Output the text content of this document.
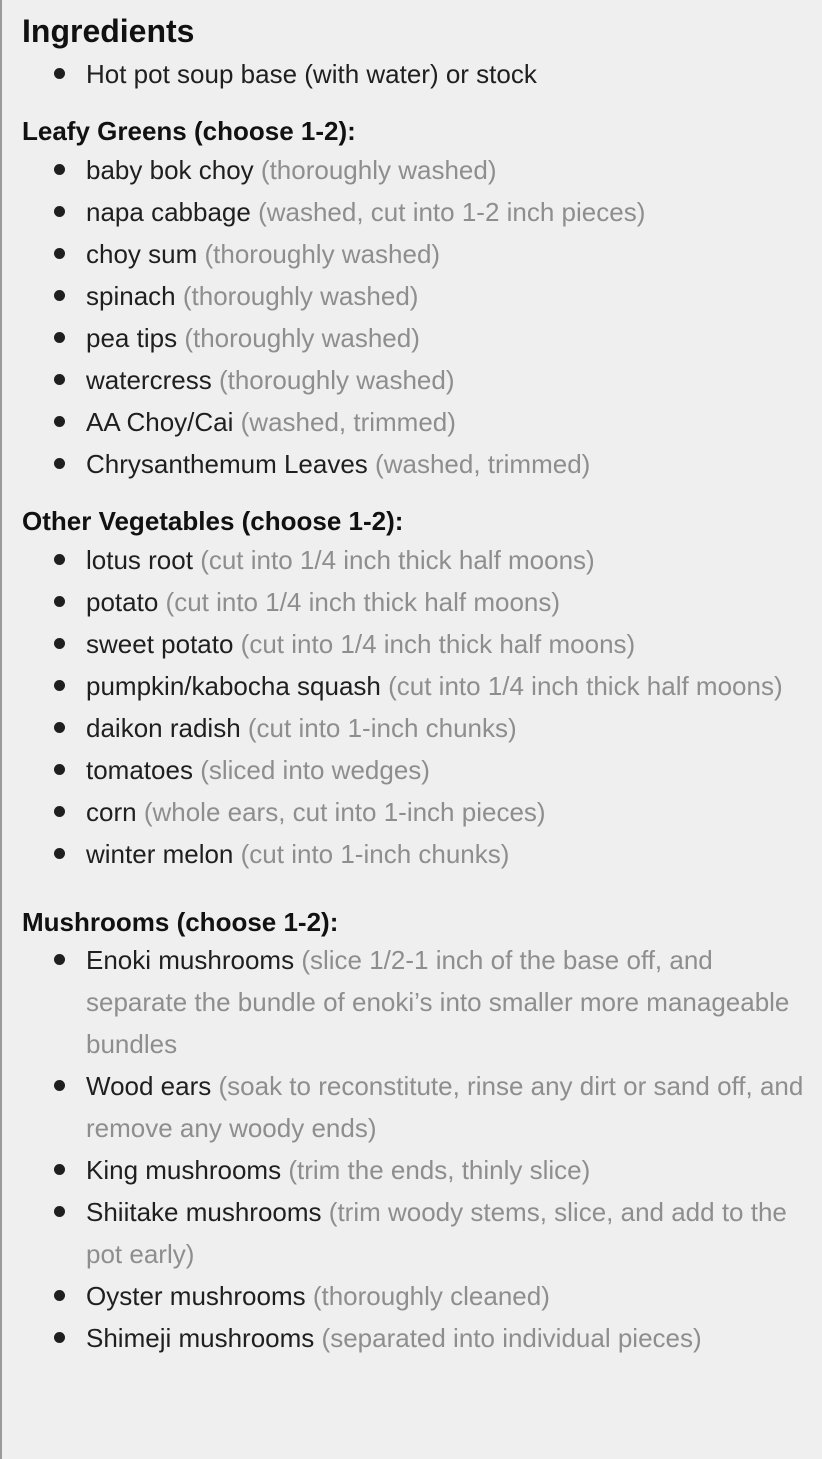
Ingredients
Hot pot soup base (with water) or stock
Leafy Greens (choose 1-2):
baby bok choy (thoroughly washed)
napa cabbage (washed, cut into 1-2 inch pieces)
choy sum (thoroughly washed)
spinach (thoroughly washed)
pea tips (thoroughly washed)
watercress (thoroughly washed)
AA Choy/Cai (washed, trimmed)
Chrysanthemum Leaves (washed, trimmed)
Other Vegetables (choose 1-2):
lotus root (cut into 1/4 inch thick half moons)
potato (cut into 1/4 inch thick half moons)
sweet potato (cut into 1/4 inch thick half moons)
pumpkin/kabocha squash (cut into 1/4 inch thick half moons)
daikon radish (cut into 1-inch chunks)
tomatoes (sliced into wedges)
corn (whole ears, cut into 1-inch pieces)
winter melon (cut into 1-inch chunks)
Mushrooms (choose 1-2):
Enoki mushrooms (slice 1/2-1 inch of the base off, and separate the bundle of enoki’s into smaller more manageable bundles
Wood ears (soak to reconstitute, rinse any dirt or sand off, and remove any woody ends)
King mushrooms (trim the ends, thinly slice)
Shiitake mushrooms (trim woody stems, slice, and add to the pot early)
Oyster mushrooms (thoroughly cleaned)
Shimeji mushrooms (separated into individual pieces)
